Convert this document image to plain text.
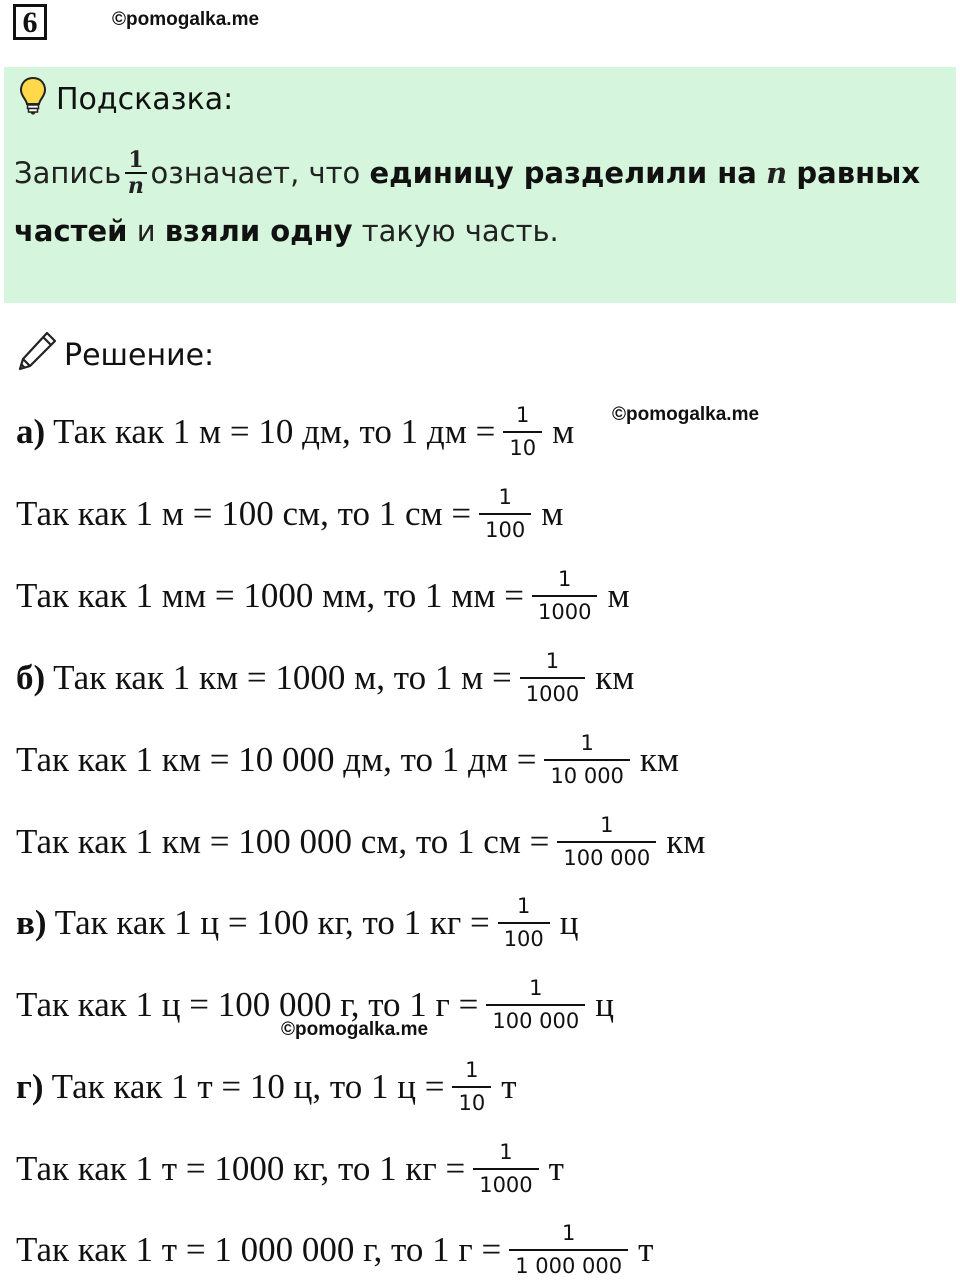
6	©pomogalka.me
Подсказка:
Запись $\frac{1}{n}$ означает, что
единицу разделили на
n
равных
частей
и
взяли одну
такую часть.
Решение:
©pomogalka.me
а) Так как 1 м = 10 дм, то 1 дм = $\frac{1}{10}$ м
Так как 1 м = 100 см, то 1 см = $\frac{1}{100}$ м
Так как 1 мм = 1000 мм, то 1 мм = $\frac{1}{1000}$ м
б) Так как 1 км = 1000 м, то 1 $м = \frac{1}{1000}$ км
Так как 1 км = 10 000 дм, то 1 дм = $\frac{1}{10 000}$ км
Так как 1 км = 100 000 см, то 1 см = $\frac{1}{100 000}$ км
в) Так как 1 ц = 100 кг, то 1 кг = $\frac{1}{100}$ ц
Так как 1 ц = 100 000 г, то 1 $г = \frac{1}{100 000}$ ц
г) Так как 1 т = 10 ц, то 1 $ц = \frac{1}{10}$ т
Так как 1 т = 1000 кг, то 1 кг = $\frac{1}{1000}$ т
Так как 1 т = 1 000 000 г, то 1 $г = \frac{1}{1 000 000}$ т
©pomogalka.me
